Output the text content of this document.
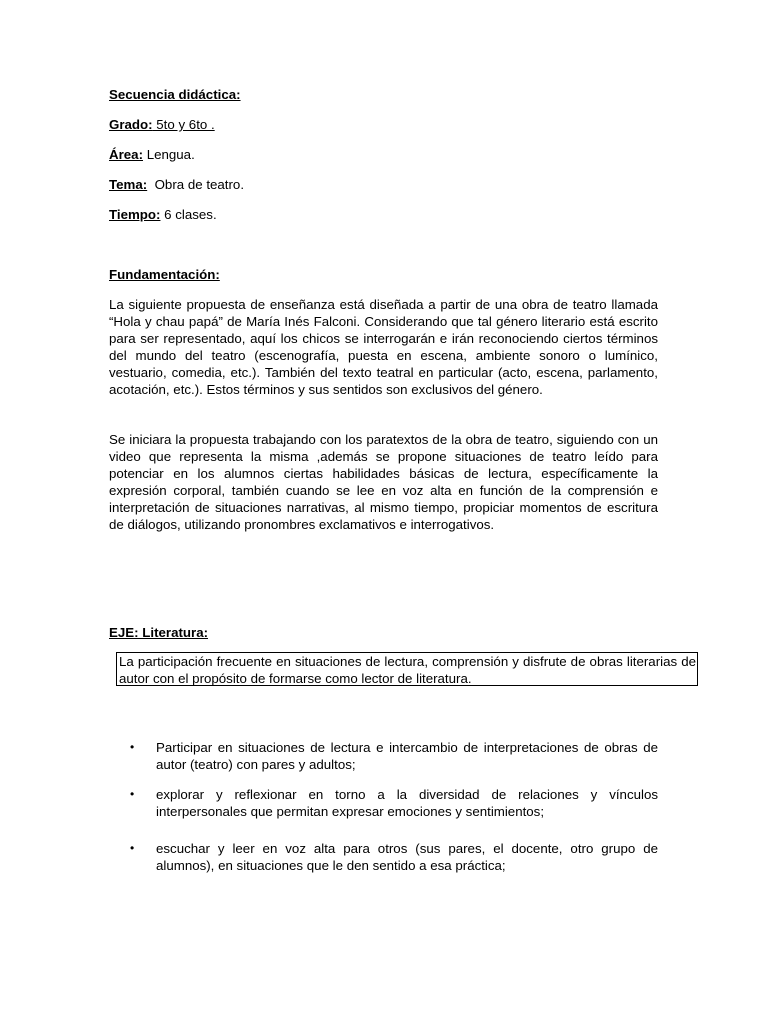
Secuencia didáctica:
Grado: 5to y 6to .
Área: Lengua.
Tema:  Obra de teatro.
Tiempo: 6 clases.
Fundamentación:

La siguiente propuesta de enseñanza está diseñada a partir de una obra de teatro llamada “Hola y chau papá” de María Inés Falconi. Considerando que tal género literario está escrito para ser representado, aquí los chicos se interrogarán e irán reconociendo ciertos términos del mundo del teatro (escenografía, puesta en escena, ambiente sonoro o lumínico, vestuario, comedia, etc.). También del texto teatral en particular (acto, escena, parlamento, acotación, etc.). Estos términos y sus sentidos son exclusivos del género.

Se iniciara la propuesta trabajando con los paratextos de la obra de teatro, siguiendo con un video que representa la misma ,además se propone situaciones de teatro leído para potenciar en los alumnos ciertas habilidades básicas de lectura, específicamente la expresión corporal, también cuando se lee en voz alta en función de la comprensión e interpretación de situaciones narrativas, al mismo tiempo, propiciar momentos de escritura de diálogos, utilizando pronombres exclamativos e interrogativos.

EJE: Literatura:
La participación frecuente en situaciones de lectura, comprensión y disfrute de obras literarias de autor con el propósito de formarse como lector de literatura.
• Participar en situaciones de lectura e intercambio de interpretaciones de obras de autor (teatro) con pares y adultos;
• explorar y reflexionar en torno a la diversidad de relaciones y vínculos interpersonales que permitan expresar emociones y sentimientos;
• escuchar y leer en voz alta para otros (sus pares, el docente, otro grupo de alumnos), en situaciones que le den sentido a esa práctica;
